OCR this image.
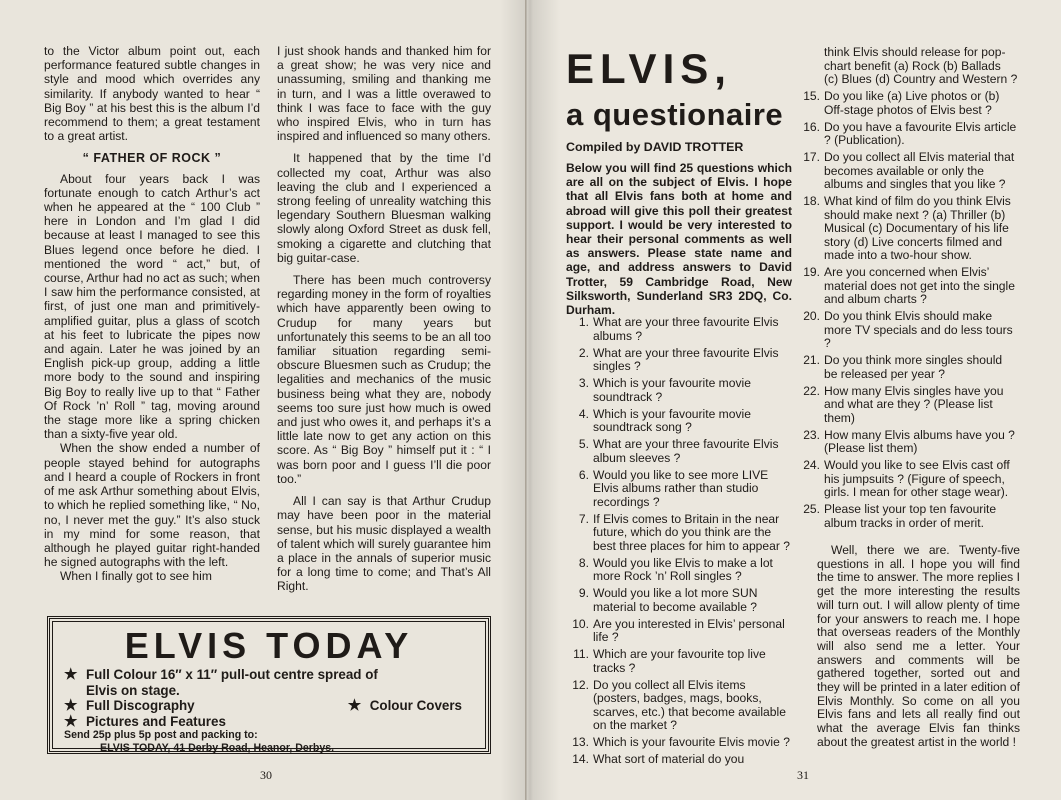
to the Victor album point out, each performance featured subtle changes in style and mood which overrides any similarity. If anybody wanted to hear “ Big Boy ” at his best this is the album I’d recommend to them; a great testament to a great artist.

“ FATHER OF ROCK ”

About four years back I was fortunate enough to catch Arthur’s act when he appeared at the “ 100 Club ” here in London and I’m glad I did because at least I managed to see this Blues legend once before he died. I mentioned the word “ act,” but, of course, Arthur had no act as such; when I saw him the performance consisted, at first, of just one man and primitively-amplified guitar, plus a glass of scotch at his feet to lubricate the pipes now and again. Later he was joined by an English pick-up group, adding a little more body to the sound and inspiring Big Boy to really live up to that “ Father Of Rock ’n’ Roll ” tag, moving around the stage more like a spring chicken than a sixty-five year old.

When the show ended a number of people stayed behind for autographs and I heard a couple of Rockers in front of me ask Arthur something about Elvis, to which he replied something like, “ No, no, I never met the guy.” It’s also stuck in my mind for some reason, that although he played guitar right-handed he signed autographs with the left.

When I finally got to see him

I just shook hands and thanked him for a great show; he was very nice and unassuming, smiling and thanking me in turn, and I was a little overawed to think I was face to face with the guy who inspired Elvis, who in turn has inspired and influenced so many others.

It happened that by the time I’d collected my coat, Arthur was also leaving the club and I experienced a strong feeling of unreality watching this legendary Southern Bluesman walking slowly along Oxford Street as dusk fell, smoking a cigarette and clutching that big guitar-case.

There has been much controversy regarding money in the form of royalties which have apparently been owing to Crudup for many years but unfortunately this seems to be an all too familiar situation regarding semi-obscure Bluesmen such as Crudup; the legalities and mechanics of the music business being what they are, nobody seems too sure just how much is owed and just who owes it, and perhaps it’s a little late now to get any action on this score. As “ Big Boy ” himself put it : “ I was born poor and I guess I’ll die poor too.”

All I can say is that Arthur Crudup may have been poor in the material sense, but his music displayed a wealth of talent which will surely guarantee him a place in the annals of superior music for a long time to come; and That’s All Right.

ELVIS TODAY
★ Full Colour 16″ x 11″ pull-out centre spread of
Elvis on stage.
★ Full Discography	★ Colour Covers
★ Pictures and Features
Send 25p plus 5p post and packing to:
ELVIS TODAY, 41 Derby Road, Heanor, Derbys.
30
ELVIS,
a questionaire
Compiled by DAVID TROTTER
Below you will find 25 questions which are all on the subject of Elvis. I hope that all Elvis fans both at home and abroad will give this poll their greatest support. I would be very interested to hear their personal comments as well as answers. Please state name and age, and address answers to David Trotter, 59 Cambridge Road, New Silksworth, Sunderland SR3 2DQ, Co. Durham.
1. What are your three favourite Elvis albums ?
2. What are your three favourite Elvis singles ?
3. Which is your favourite movie soundtrack ?
4. Which is your favourite movie soundtrack song ?
5. What are your three favourite Elvis album sleeves ?
6. Would you like to see more LIVE Elvis albums rather than studio recordings ?
7. If Elvis comes to Britain in the near future, which do you think are the best three places for him to appear ?
8. Would you like Elvis to make a lot more Rock ’n’ Roll singles ?
9. Would you like a lot more SUN material to become available ?
10. Are you interested in Elvis’ personal life ?
11. Which are your favourite top live tracks ?
12. Do you collect all Elvis items (posters, badges, mags, books, scarves, etc.) that become available on the market ?
13. Which is your favourite Elvis movie ?
14. What sort of material do you
think Elvis should release for pop-chart benefit (a) Rock (b) Ballads (c) Blues (d) Country and Western ?
15. Do you like (a) Live photos or (b) Off-stage photos of Elvis best ?
16. Do you have a favourite Elvis article ? (Publication).
17. Do you collect all Elvis material that becomes available or only the albums and singles that you like ?
18. What kind of film do you think Elvis should make next ? (a) Thriller (b) Musical (c) Documentary of his life story (d) Live concerts filmed and made into a two-hour show.
19. Are you concerned when Elvis’ material does not get into the single and album charts ?
20. Do you think Elvis should make more TV specials and do less tours ?
21. Do you think more singles should be released per year ?
22. How many Elvis singles have you and what are they ? (Please list them)
23. How many Elvis albums have you ? (Please list them)
24. Would you like to see Elvis cast off his jumpsuits ? (Figure of speech, girls. I mean for other stage wear).
25. Please list your top ten favourite album tracks in order of merit.
Well, there we are. Twenty-five questions in all. I hope you will find the time to answer. The more replies I get the more interesting the results will turn out. I will allow plenty of time for your answers to reach me. I hope that overseas readers of the Monthly will also send me a letter. Your answers and comments will be gathered together, sorted out and they will be printed in a later edition of Elvis Monthly. So come on all you Elvis fans and lets all really find out what the average Elvis fan thinks about the greatest artist in the world !
31
